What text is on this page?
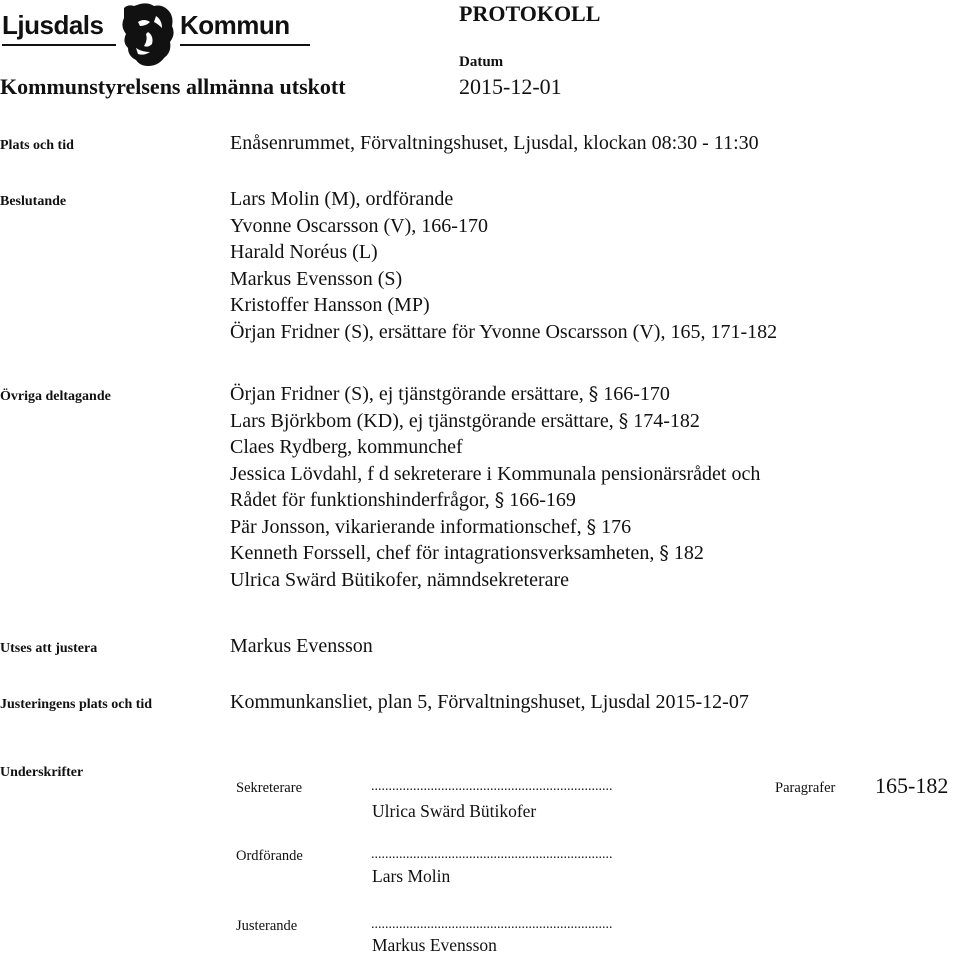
Ljusdals	Kommun	PROTOKOLL
Datum
2015-12-01
Kommunstyrelsens allmänna utskott
Plats och tid	Enåsenrummet, Förvaltningshuset, Ljusdal, klockan 08:30 - 11:30
Beslutande	Lars Molin (M), ordförande
Yvonne Oscarsson (V), 166-170
Harald Noréus (L)
Markus Evensson (S)
Kristoffer Hansson (MP)
Örjan Fridner (S), ersättare för Yvonne Oscarsson (V), 165, 171-182
Övriga deltagande	Örjan Fridner (S), ej tjänstgörande ersättare, § 166-170
Lars Björkbom (KD), ej tjänstgörande ersättare, § 174-182
Claes Rydberg, kommunchef
Jessica Lövdahl, f d sekreterare i Kommunala pensionärsrådet och
Rådet för funktionshinderfrågor, § 166-169
Pär Jonsson, vikarierande informationschef, § 176
Kenneth Forssell, chef för intagrationsverksamheten, § 182
Ulrica Swärd Bütikofer, nämndsekreterare
Utses att justera	Markus Evensson
Justeringens plats och tid	Kommunkansliet, plan 5, Förvaltningshuset, Ljusdal 2015-12-07
Underskrifter
Sekreterare	.....................................................................
Ulrica Swärd Bütikofer
Paragrafer 165-182
Ordförande	.....................................................................
Lars Molin
Justerande	.....................................................................
Markus Evensson
